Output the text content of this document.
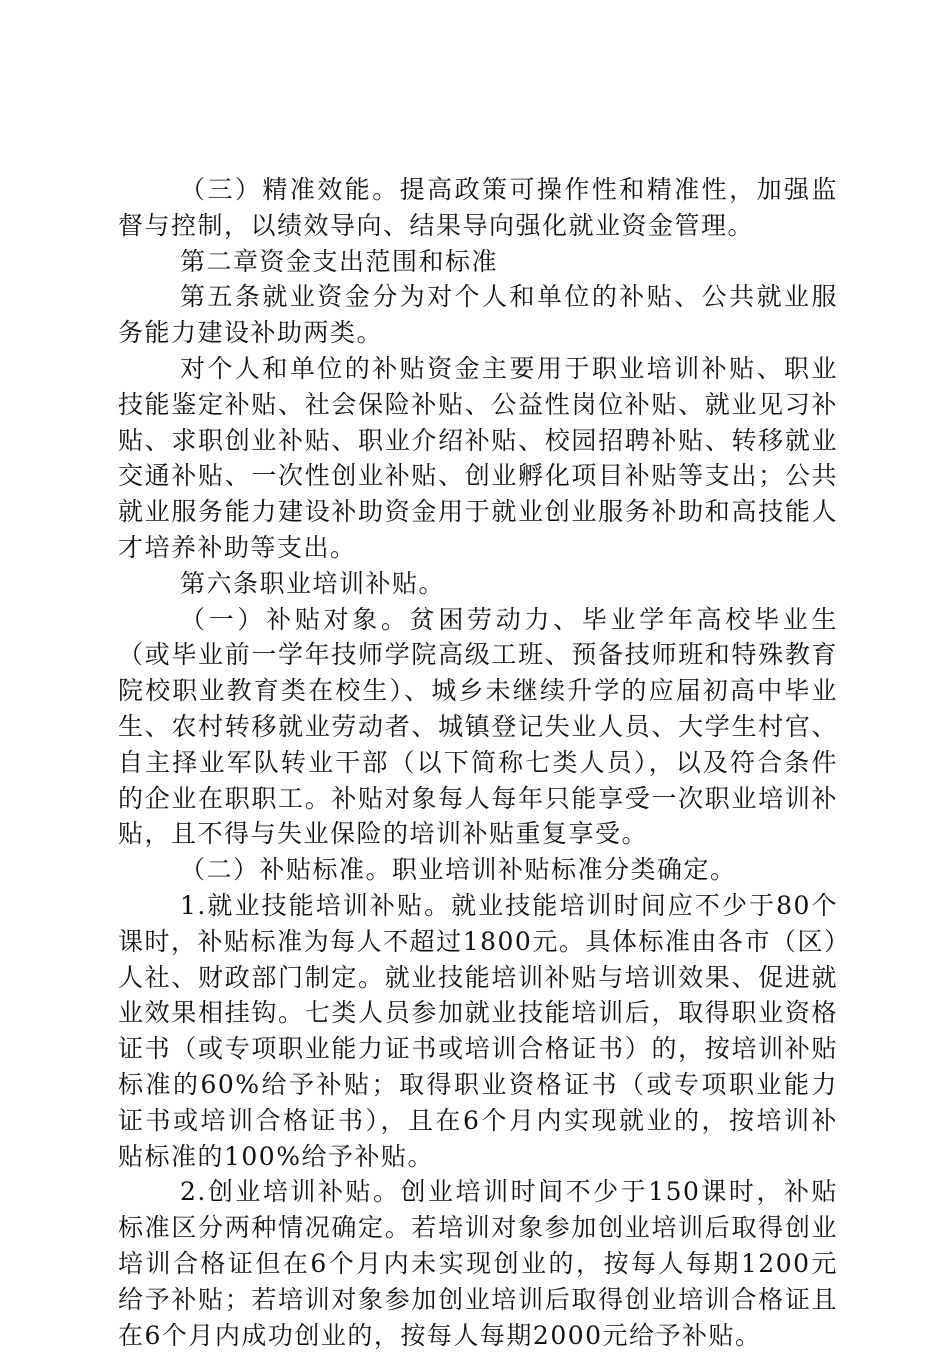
（三）精准效能。提高政策可操作性和精准性，加强监督与控制，以绩效导向、结果导向强化就业资金管理。

第二章资金支出范围和标准

第五条就业资金分为对个人和单位的补贴、公共就业服务能力建设补助两类。

对个人和单位的补贴资金主要用于职业培训补贴、职业技能鉴定补贴、社会保险补贴、公益性岗位补贴、就业见习补贴、求职创业补贴、职业介绍补贴、校园招聘补贴、转移就业交通补贴、一次性创业补贴、创业孵化项目补贴等支出；公共就业服务能力建设补助资金用于就业创业服务补助和高技能人才培养补助等支出。

第六条职业培训补贴。

（一）补贴对象。贫困劳动力、毕业学年高校毕业生（或毕业前一学年技师学院高级工班、预备技师班和特殊教育院校职业教育类在校生）、城乡未继续升学的应届初高中毕业生、农村转移就业劳动者、城镇登记失业人员、大学生村官、自主择业军队转业干部（以下简称七类人员），以及符合条件的企业在职职工。补贴对象每人每年只能享受一次职业培训补贴，且不得与失业保险的培训补贴重复享受。

（二）补贴标准。职业培训补贴标准分类确定。

1.就业技能培训补贴。就业技能培训时间应不少于80个课时，补贴标准为每人不超过1800元。具体标准由各市（区）人社、财政部门制定。就业技能培训补贴与培训效果、促进就业效果相挂钩。七类人员参加就业技能培训后，取得职业资格证书（或专项职业能力证书或培训合格证书）的，按培训补贴标准的60%给予补贴；取得职业资格证书（或专项职业能力证书或培训合格证书），且在6个月内实现就业的，按培训补贴标准的100%给予补贴。

2.创业培训补贴。创业培训时间不少于150课时，补贴标准区分两种情况确定。若培训对象参加创业培训后取得创业培训合格证但在6个月内未实现创业的，按每人每期1200元给予补贴；若培训对象参加创业培训后取得创业培训合格证且在6个月内成功创业的，按每人每期2000元给予补贴。
